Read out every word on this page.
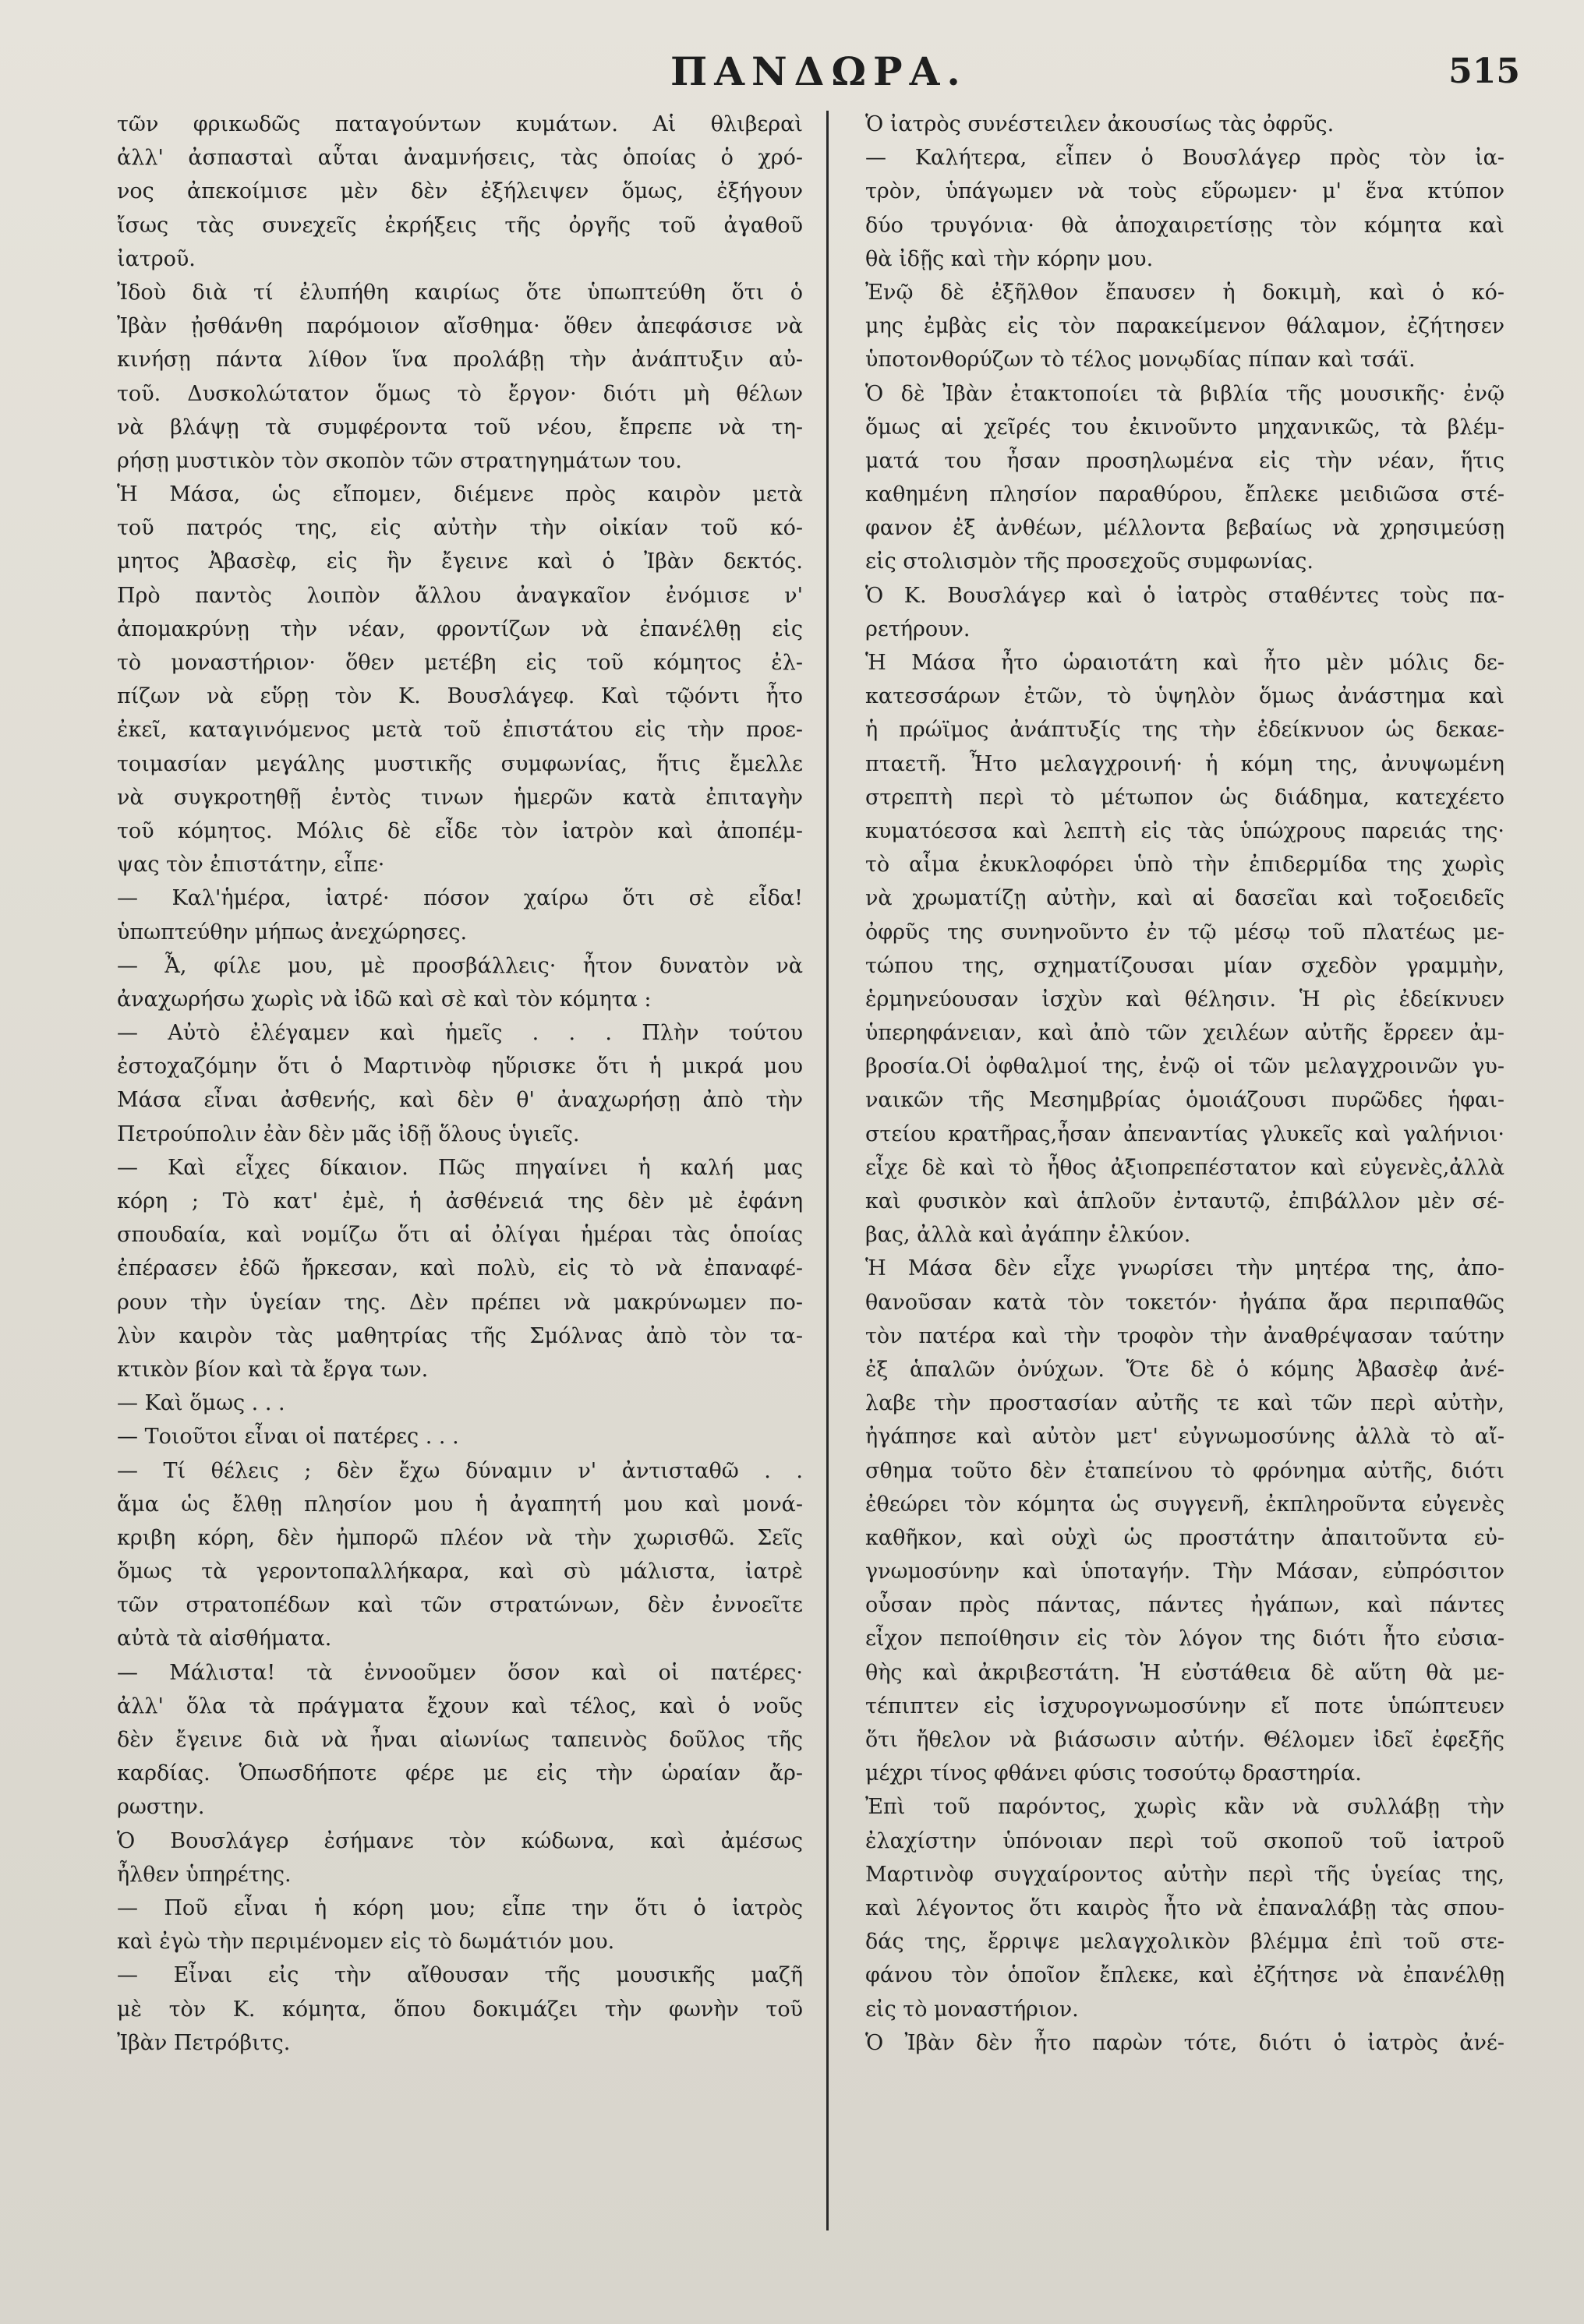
ΠΑΝΔΩΡΑ.	515
τῶν φρικωδῶς παταγούντων κυμάτων. Αἱ θλιβεραὶ
ἀλλ' ἀσπασταὶ αὗται ἀναμνήσεις, τὰς ὁποίας ὁ χρό-
νος ἀπεκοίμισε μὲν δὲν ἐξήλειψεν ὅμως, ἐξήγουν
ἴσως τὰς συνεχεῖς ἐκρήξεις τῆς ὀργῆς τοῦ ἀγαθοῦ
ἰατροῦ.
Ἰδοὺ διὰ τί ἐλυπήθη καιρίως ὅτε ὑπωπτεύθη ὅτι ὁ
Ἰβὰν ᾐσθάνθη παρόμοιον αἴσθημα· ὅθεν ἀπεφάσισε νὰ
κινήσῃ πάντα λίθον ἵνα προλάβῃ τὴν ἀνάπτυξιν αὐ-
τοῦ. Δυσκολώτατον ὅμως τὸ ἔργον· διότι μὴ θέλων
νὰ βλάψῃ τὰ συμφέροντα τοῦ νέου, ἔπρεπε νὰ τη-
ρήσῃ μυστικὸν τὸν σκοπὸν τῶν στρατηγημάτων του.
Ἡ Μάσα, ὡς εἴπομεν, διέμενε πρὸς καιρὸν μετὰ
τοῦ πατρός της, εἰς αὐτὴν τὴν οἰκίαν τοῦ κό-
μητος Ἀβασὲφ, εἰς ἣν ἔγεινε καὶ ὁ Ἰβὰν δεκτός.
Πρὸ παντὸς λοιπὸν ἄλλου ἀναγκαῖον ἐνόμισε ν'
ἀπομακρύνῃ τὴν νέαν, φροντίζων νὰ ἐπανέλθῃ εἰς
τὸ μοναστήριον· ὅθεν μετέβη εἰς τοῦ κόμητος ἐλ-
πίζων νὰ εὕρῃ τὸν Κ. Βουσλάγεφ. Καὶ τῷόντι ἦτο
ἐκεῖ, καταγινόμενος μετὰ τοῦ ἐπιστάτου εἰς τὴν προε-
τοιμασίαν μεγάλης μυστικῆς συμφωνίας, ἥτις ἔμελλε
νὰ συγκροτηθῇ ἐντὸς τινων ἡμερῶν κατὰ ἐπιταγὴν
τοῦ κόμητος. Μόλις δὲ εἶδε τὸν ἰατρὸν καὶ ἀποπέμ-
ψας τὸν ἐπιστάτην, εἶπε·
— Καλ'ἡμέρα, ἰατρέ· πόσον χαίρω ὅτι σὲ εἶδα!
ὑπωπτεύθην μήπως ἀνεχώρησες.
— Ἆ, φίλε μου, μὲ προσβάλλεις· ἦτον δυνατὸν νὰ
ἀναχωρήσω χωρὶς νὰ ἰδῶ καὶ σὲ καὶ τὸν κόμητα :
— Αὐτὸ ἐλέγαμεν καὶ ἡμεῖς . . . Πλὴν τούτου
ἐστοχαζόμην ὅτι ὁ Μαρτινὸφ ηὕρισκε ὅτι ἡ μικρά μου
Μάσα εἶναι ἀσθενής, καὶ δὲν θ' ἀναχωρήσῃ ἀπὸ τὴν
Πετρούπολιν ἐὰν δὲν μᾶς ἰδῇ ὅλους ὑγιεῖς.
— Καὶ εἶχες δίκαιον. Πῶς πηγαίνει ἡ καλή μας
κόρη ; Τὸ κατ' ἐμὲ, ἡ ἀσθένειά της δὲν μὲ ἐφάνη
σπουδαία, καὶ νομίζω ὅτι αἱ ὀλίγαι ἡμέραι τὰς ὁποίας
ἐπέρασεν ἐδῶ ἤρκεσαν, καὶ πολὺ, εἰς τὸ νὰ ἐπαναφέ-
ρουν τὴν ὑγείαν της. Δὲν πρέπει νὰ μακρύνωμεν πο-
λὺν καιρὸν τὰς μαθητρίας τῆς Σμόλνας ἀπὸ τὸν τα-
κτικὸν βίον καὶ τὰ ἔργα των.
— Καὶ ὅμως . . .
— Τοιοῦτοι εἶναι οἱ πατέρες . . .
— Τί θέλεις ; δὲν ἔχω δύναμιν ν' ἀντισταθῶ . .
ἅμα ὡς ἔλθῃ πλησίον μου ἡ ἀγαπητή μου καὶ μονά-
κριβη κόρη, δὲν ἠμπορῶ πλέον νὰ τὴν χωρισθῶ. Σεῖς
ὅμως τὰ γεροντοπαλλήκαρα, καὶ σὺ μάλιστα, ἰατρὲ
τῶν στρατοπέδων καὶ τῶν στρατώνων, δὲν ἐννοεῖτε
αὐτὰ τὰ αἰσθήματα.
— Μάλιστα! τὰ ἐννοοῦμεν ὅσον καὶ οἱ πατέρες·
ἀλλ' ὅλα τὰ πράγματα ἔχουν καὶ τέλος, καὶ ὁ νοῦς
δὲν ἔγεινε διὰ νὰ ἦναι αἰωνίως ταπεινὸς δοῦλος τῆς
καρδίας. Ὁπωσδήποτε φέρε με εἰς τὴν ὡραίαν ἄρ-
ρωστην.
Ὁ Βουσλάγερ ἐσήμανε τὸν κώδωνα, καὶ ἀμέσως
ἦλθεν ὑπηρέτης.
— Ποῦ εἶναι ἡ κόρη μου; εἶπε την ὅτι ὁ ἰατρὸς
καὶ ἐγὼ τὴν περιμένομεν εἰς τὸ δωμάτιόν μου.
— Εἶναι εἰς τὴν αἴθουσαν τῆς μουσικῆς μαζῆ
μὲ τὸν Κ. κόμητα, ὅπου δοκιμάζει τὴν φωνὴν τοῦ
Ἰβὰν Πετρόβιτς.
Ὁ ἰατρὸς συνέστειλεν ἀκουσίως τὰς ὀφρῦς.
— Καλήτερα, εἶπεν ὁ Βουσλάγερ πρὸς τὸν ἰα-
τρὸν, ὑπάγωμεν νὰ τοὺς εὕρωμεν· μ' ἕνα κτύπον
δύο τρυγόνια· θὰ ἀποχαιρετίσῃς τὸν κόμητα καὶ
θὰ ἰδῇς καὶ τὴν κόρην μου.
Ἐνῷ δὲ ἐξῆλθον ἔπαυσεν ἡ δοκιμὴ, καὶ ὁ κό-
μης ἐμβὰς εἰς τὸν παρακείμενον θάλαμον, ἐζήτησεν
ὑποτονθορύζων τὸ τέλος μονῳδίας πίπαν καὶ τσάϊ.
Ὁ δὲ Ἰβὰν ἐτακτοποίει τὰ βιβλία τῆς μουσικῆς· ἐνῷ
ὅμως αἱ χεῖρές του ἐκινοῦντο μηχανικῶς, τὰ βλέμ-
ματά του ἦσαν προσηλωμένα εἰς τὴν νέαν, ἥτις
καθημένη πλησίον παραθύρου, ἔπλεκε μειδιῶσα στέ-
φανον ἐξ ἀνθέων, μέλλοντα βεβαίως νὰ χρησιμεύσῃ
εἰς στολισμὸν τῆς προσεχοῦς συμφωνίας.
Ὁ Κ. Βουσλάγερ καὶ ὁ ἰατρὸς σταθέντες τοὺς πα-
ρετήρουν.
Ἡ Μάσα ἦτο ὡραιοτάτη καὶ ἦτο μὲν μόλις δε-
κατεσσάρων ἐτῶν, τὸ ὑψηλὸν ὅμως ἀνάστημα καὶ
ἡ πρώϊμος ἀνάπτυξίς της τὴν ἐδείκνυον ὡς δεκαε-
πταετῆ. Ἦτο μελαγχροινή· ἡ κόμη της, ἀνυψωμένη
στρεπτὴ περὶ τὸ μέτωπον ὡς διάδημα, κατεχέετο
κυματόεσσα καὶ λεπτὴ εἰς τὰς ὑπώχρους παρειάς της·
τὸ αἷμα ἐκυκλοφόρει ὑπὸ τὴν ἐπιδερμίδα της χωρὶς
νὰ χρωματίζῃ αὐτὴν, καὶ αἱ δασεῖαι καὶ τοξοειδεῖς
ὀφρῦς της συνηνοῦντο ἐν τῷ μέσῳ τοῦ πλατέως με-
τώπου της, σχηματίζουσαι μίαν σχεδὸν γραμμὴν,
ἑρμηνεύουσαν ἰσχὺν καὶ θέλησιν. Ἡ ρὶς ἐδείκνυεν
ὑπερηφάνειαν, καὶ ἀπὸ τῶν χειλέων αὐτῆς ἔρρεεν ἀμ-
βροσία.Οἱ ὀφθαλμοί της, ἐνῷ οἱ τῶν μελαγχροινῶν γυ-
ναικῶν τῆς Μεσημβρίας ὁμοιάζουσι πυρῶδες ἡφαι-
στείου κρατῆρας,ἦσαν ἀπεναντίας γλυκεῖς καὶ γαλήνιοι·
εἶχε δὲ καὶ τὸ ἦθος ἀξιοπρεπέστατον καὶ εὐγενὲς,ἀλλὰ
καὶ φυσικὸν καὶ ἁπλοῦν ἐνταυτῷ, ἐπιβάλλον μὲν σέ-
βας, ἀλλὰ καὶ ἀγάπην ἑλκύον.
Ἡ Μάσα δὲν εἶχε γνωρίσει τὴν μητέρα της, ἀπο-
θανοῦσαν κατὰ τὸν τοκετόν· ἠγάπα ἄρα περιπαθῶς
τὸν πατέρα καὶ τὴν τροφὸν τὴν ἀναθρέψασαν ταύτην
ἐξ ἁπαλῶν ὀνύχων. Ὅτε δὲ ὁ κόμης Ἀβασὲφ ἀνέ-
λαβε τὴν προστασίαν αὐτῆς τε καὶ τῶν περὶ αὐτὴν,
ἠγάπησε καὶ αὐτὸν μετ' εὐγνωμοσύνης ἀλλὰ τὸ αἴ-
σθημα τοῦτο δὲν ἐταπείνου τὸ φρόνημα αὐτῆς, διότι
ἐθεώρει τὸν κόμητα ὡς συγγενῆ, ἐκπληροῦντα εὐγενὲς
καθῆκον, καὶ οὐχὶ ὡς προστάτην ἀπαιτοῦντα εὐ-
γνωμοσύνην καὶ ὑποταγήν. Τὴν Μάσαν, εὐπρόσιτον
οὖσαν πρὸς πάντας, πάντες ἠγάπων, καὶ πάντες
εἶχον πεποίθησιν εἰς τὸν λόγον της διότι ἦτο εὐσια-
θὴς καὶ ἀκριβεστάτη. Ἡ εὐστάθεια δὲ αὕτη θὰ με-
τέπιπτεν εἰς ἰσχυρογνωμοσύνην εἴ ποτε ὑπώπτευεν
ὅτι ἤθελον νὰ βιάσωσιν αὐτήν. Θέλομεν ἰδεῖ ἐφεξῆς
μέχρι τίνος φθάνει φύσις τοσούτῳ δραστηρία.
Ἐπὶ τοῦ παρόντος, χωρὶς κἂν νὰ συλλάβῃ τὴν
ἐλαχίστην ὑπόνοιαν περὶ τοῦ σκοποῦ τοῦ ἰατροῦ
Μαρτινὸφ συγχαίροντος αὐτὴν περὶ τῆς ὑγείας της,
καὶ λέγοντος ὅτι καιρὸς ἦτο νὰ ἐπαναλάβῃ τὰς σπου-
δάς της, ἔρριψε μελαγχολικὸν βλέμμα ἐπὶ τοῦ στε-
φάνου τὸν ὁποῖον ἔπλεκε, καὶ ἐζήτησε νὰ ἐπανέλθῃ
εἰς τὸ μοναστήριον.
Ὁ Ἰβὰν δὲν ἦτο παρὼν τότε, διότι ὁ ἰατρὸς ἀνέ-
